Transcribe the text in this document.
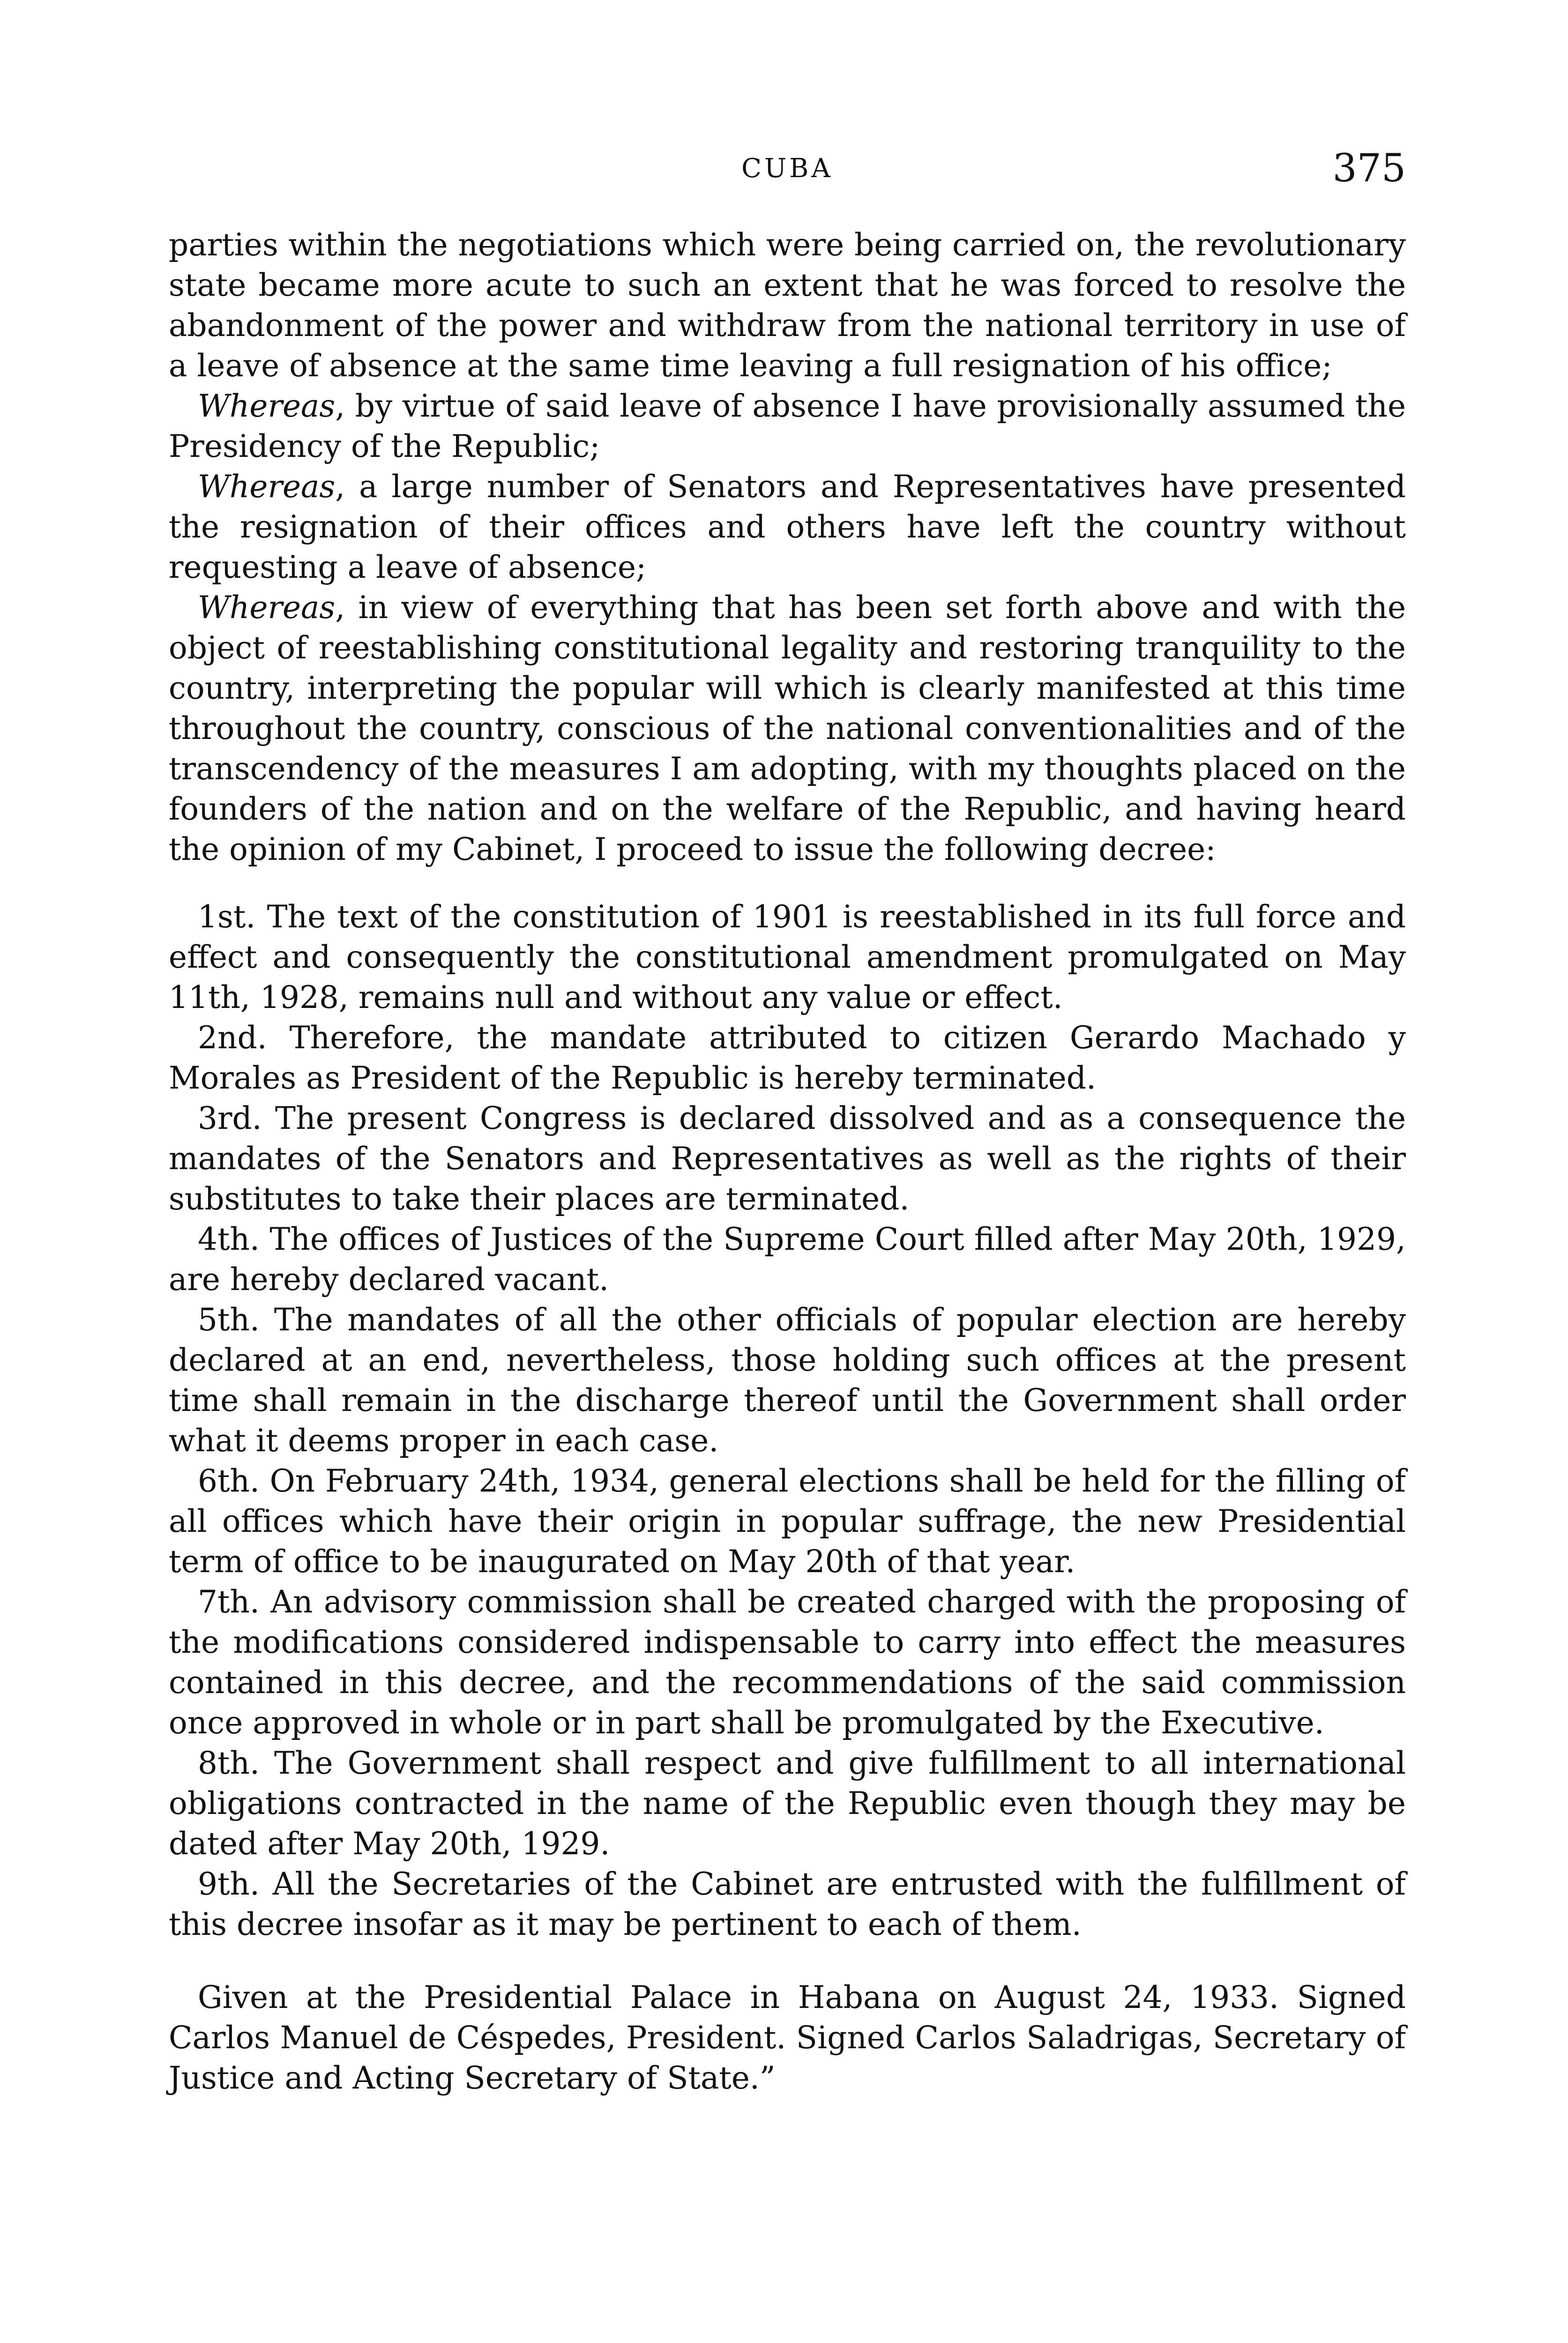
CUBA	375

parties within the negotiations which were being carried on, the revolutionary state became more acute to such an extent that he was forced to resolve the abandonment of the power and withdraw from the national territory in use of a leave of absence at the same time leaving a full resignation of his office;

Whereas, by virtue of said leave of absence I have provisionally assumed the Presidency of the Republic;

Whereas, a large number of Senators and Representatives have presented the resignation of their offices and others have left the country without requesting a leave of absence;

Whereas, in view of everything that has been set forth above and with the object of reestablishing constitutional legality and restoring tranquility to the country, interpreting the popular will which is clearly manifested at this time throughout the country, conscious of the national conventionalities and of the transcendency of the measures I am adopting, with my thoughts placed on the founders of the nation and on the welfare of the Republic, and having heard the opinion of my Cabinet, I proceed to issue the following decree:

1st. The text of the constitution of 1901 is reestablished in its full force and effect and consequently the constitutional amendment promulgated on May 11th, 1928, remains null and without any value or effect.

2nd. Therefore, the mandate attributed to citizen Gerardo Machado y Morales as President of the Republic is hereby terminated.

3rd. The present Congress is declared dissolved and as a consequence the mandates of the Senators and Representatives as well as the rights of their substitutes to take their places are terminated.

4th. The offices of Justices of the Supreme Court filled after May 20th, 1929, are hereby declared vacant.

5th. The mandates of all the other officials of popular election are hereby declared at an end, nevertheless, those holding such offices at the present time shall remain in the discharge thereof until the Government shall order what it deems proper in each case.

6th. On February 24th, 1934, general elections shall be held for the filling of all offices which have their origin in popular suffrage, the new Presidential term of office to be inaugurated on May 20th of that year.

7th. An advisory commission shall be created charged with the proposing of the modifications considered indispensable to carry into effect the measures contained in this decree, and the recommendations of the said commission once approved in whole or in part shall be promulgated by the Executive.

8th. The Government shall respect and give fulfillment to all international obligations contracted in the name of the Republic even though they may be dated after May 20th, 1929.

9th. All the Secretaries of the Cabinet are entrusted with the fulfillment of this decree insofar as it may be pertinent to each of them.

Given at the Presidential Palace in Habana on August 24, 1933. Signed Carlos Manuel de Céspedes, President. Signed Carlos Saladrigas, Secretary of Justice and Acting Secretary of State.”
